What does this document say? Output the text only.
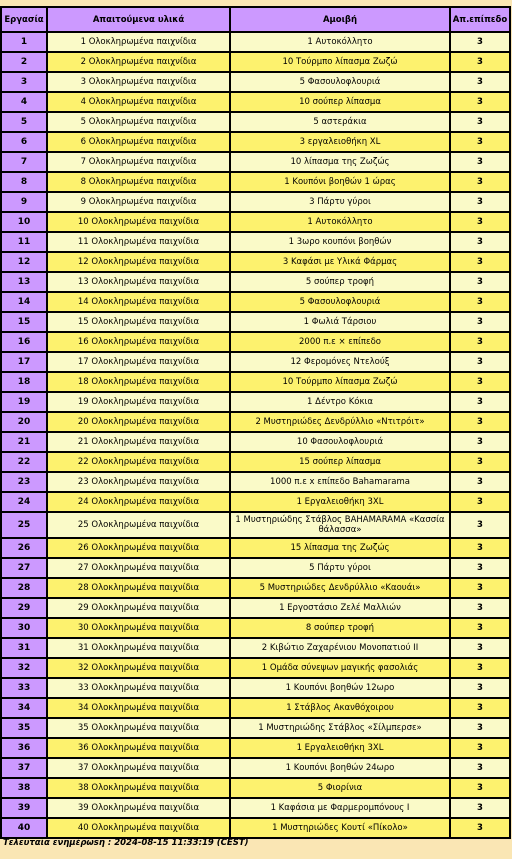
Εργασία	Απαιτούμενα υλικά	Αμοιβή	Απ.επίπεδο
1	1 Ολοκληρωμένα παιχνίδια	1 Αυτοκόλλητο	3
2	2 Ολοκληρωμένα παιχνίδια	10 Τούρμπο λίπασμα Ζωζώ	3
3	3 Ολοκληρωμένα παιχνίδια	5 Φασουλοφλουριά	3
4	4 Ολοκληρωμένα παιχνίδια	10 σούπερ λίπασμα	3
5	5 Ολοκληρωμένα παιχνίδια	5 αστεράκια	3
6	6 Ολοκληρωμένα παιχνίδια	3 εργαλειοθήκη XL	3
7	7 Ολοκληρωμένα παιχνίδια	10 λίπασμα της Ζωζώς	3
8	8 Ολοκληρωμένα παιχνίδια	1 Κουπόνι βοηθών 1 ώρας	3
9	9 Ολοκληρωμένα παιχνίδια	3 Πάρτυ γύροι	3
10	10 Ολοκληρωμένα παιχνίδια	1 Αυτοκόλλητο	3
11	11 Ολοκληρωμένα παιχνίδια	1 3ωρο κουπόνι βοηθών	3
12	12 Ολοκληρωμένα παιχνίδια	3 Καφάσι με Υλικά Φάρμας	3
13	13 Ολοκληρωμένα παιχνίδια	5 σούπερ τροφή	3
14	14 Ολοκληρωμένα παιχνίδια	5 Φασουλοφλουριά	3
15	15 Ολοκληρωμένα παιχνίδια	1 Φωλιά Τάρσιου	3
16	16 Ολοκληρωμένα παιχνίδια	2000 π.ε × επίπεδο	3
17	17 Ολοκληρωμένα παιχνίδια	12 Φερομόνες Ντελούξ	3
18	18 Ολοκληρωμένα παιχνίδια	10 Τούρμπο λίπασμα Ζωζώ	3
19	19 Ολοκληρωμένα παιχνίδια	1 Δέντρο Κόκια	3
20	20 Ολοκληρωμένα παιχνίδια	2 Μυστηριώδες Δενδρύλλιο «Ντιτρόιτ»	3
21	21 Ολοκληρωμένα παιχνίδια	10 Φασουλοφλουριά	3
22	22 Ολοκληρωμένα παιχνίδια	15 σούπερ λίπασμα	3
23	23 Ολοκληρωμένα παιχνίδια	1000 π.ε x επίπεδο Bahamarama	3
24	24 Ολοκληρωμένα παιχνίδια	1 Εργαλειοθήκη 3XL	3
25	25 Ολοκληρωμένα παιχνίδια	1 Μυστηριώδης Στάβλος BAHAMARAMA «Κασσία θάλασσα»	3
26	26 Ολοκληρωμένα παιχνίδια	15 λίπασμα της Ζωζώς	3
27	27 Ολοκληρωμένα παιχνίδια	5 Πάρτυ γύροι	3
28	28 Ολοκληρωμένα παιχνίδια	5 Μυστηριώδες Δενδρύλλιο «Καουάι»	3
29	29 Ολοκληρωμένα παιχνίδια	1 Εργοστάσιο Ζελέ Μαλλιών	3
30	30 Ολοκληρωμένα παιχνίδια	8 σούπερ τροφή	3
31	31 Ολοκληρωμένα παιχνίδια	2 Κιβώτιο Ζαχαρένιου Μονοπατιού II	3
32	32 Ολοκληρωμένα παιχνίδια	1 Ομάδα σύνεψων μαγικής φασολιάς	3
33	33 Ολοκληρωμένα παιχνίδια	1 Κουπόνι βοηθών 12ωρο	3
34	34 Ολοκληρωμένα παιχνίδια	1 Στάβλος Ακανθόχοιρου	3
35	35 Ολοκληρωμένα παιχνίδια	1 Μυστηριώδης Στάβλος «Σίλμπερσε»	3
36	36 Ολοκληρωμένα παιχνίδια	1 Εργαλειοθήκη 3XL	3
37	37 Ολοκληρωμένα παιχνίδια	1 Κουπόνι βοηθών 24ωρο	3
38	38 Ολοκληρωμένα παιχνίδια	5 Φιορίνια	3
39	39 Ολοκληρωμένα παιχνίδια	1 Καφάσια με Φαρμερομπόνους I	3
40	40 Ολοκληρωμένα παιχνίδια	1 Μυστηριώδες Κουτί «Πίκολο»	3
Τελευταία ενημέρωsη : 2024-08-15 11:33:19 (CEST)
